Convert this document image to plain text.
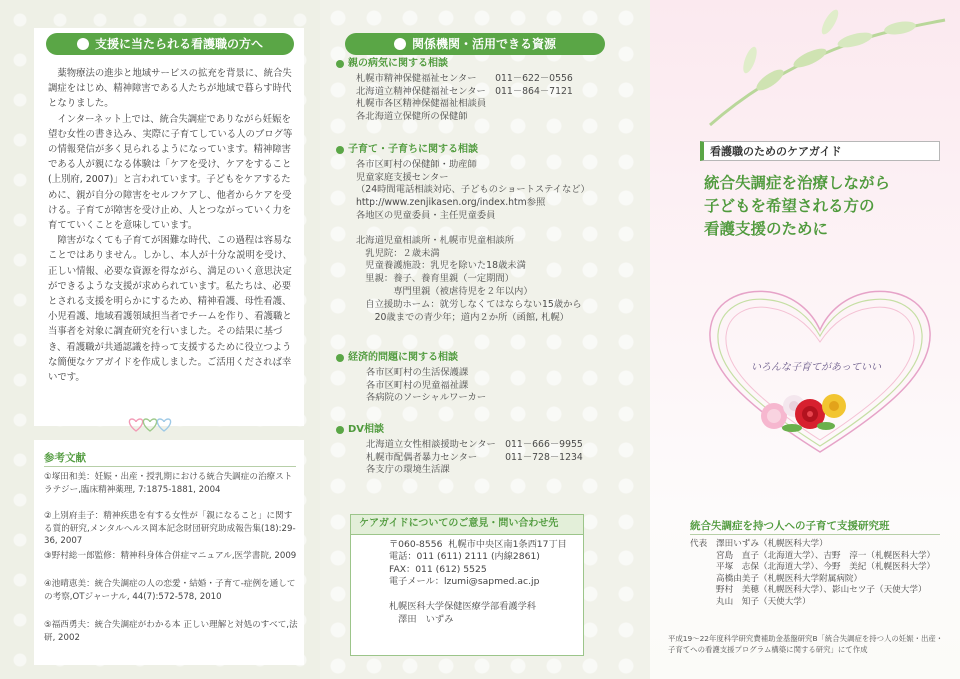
支援に当たられる看護職の方へ

薬物療法の進歩と地域サービスの拡充を背景に、統合失調症をはじめ、精神障害である人たちが地域で暮らす時代となりました。

インターネット上では、統合失調症でありながら妊娠を望む女性の書き込み、実際に子育てしている人のブログ等の情報発信が多く見られるようになっています。精神障害である人が親になる体験は「ケアを受け、ケアをすること(上別府, 2007)」と言われています。子どもをケアするために、親が自分の障害をセルフケアし、他者からケアを受ける。子育てが障害を受け止め、人とつながっていく力を育てていくことを意味しています。

障害がなくても子育てが困難な時代、この過程は容易なことではありません。しかし、本人が十分な説明を受け、正しい情報、必要な資源を得ながら、満足のいく意思決定ができるような支援が求められています。私たちは、必要とされる支援を明らかにするため、精神看護、母性看護、小児看護、地域看護領域担当者でチームを作り、看護職と当事者を対象に調査研究を行いました。その結果に基づき、看護職が共通認識を持って支援するために役立つような簡便なケアガイドを作成しました。ご活用くだされば幸いです。

参考文献
①塚田和美：妊娠・出産・授乳期における統合失調症の治療ストラテジー,臨床精神薬理, 7:1875-1881, 2004
②上別府圭子：精神疾患を有する女性が「親になること」に関する質的研究,メンタルヘルス岡本記念財団研究助成報告集(18):29-36, 2007
③野村総一郎監修：精神科身体合併症マニュアル,医学書院, 2009
④池晴恵美：統合失調症の人の恋愛・結婚・子育て-症例を通しての考察,OTジャーナル, 44(7):572-578, 2010
⑤福西勇夫：統合失調症がわかる本 正しい理解と対処のすべて,法研, 2002
関係機関・活用できる資源
親の病気に関する相談
札幌市精神保健福祉センター　　011－622－0556
北海道立精神保健福祉センター　011－864－7121
札幌市各区精神保健福祉相談員
各北海道立保健所の保健師
子育て・子育ちに関する相談
各市区町村の保健師・助産師
児童家庭支援センター
（24時間電話相談対応、子どものショートステイなど）
http://www.zenjikasen.org/index.htm参照
各地区の児童委員・主任児童委員
北海道児童相談所・札幌市児童相談所
　乳児院：２歳未満
　児童養護施設：乳児を除いた18歳未満
　里親：養子、養育里親（一定期間）
　　　　専門里親（被虐待児を２年以内）
　自立援助ホーム：就労しなくてはならない15歳から
　　20歳までの青少年；道内２か所（函館, 札幌）
経済的問題に関する相談
各市区町村の生活保護課
各市区町村の児童福祉課
各病院のソーシャルワーカー
DV相談
北海道立女性相談援助センター　011－666－9955
札幌市配偶者暴力センター　　　011－728－1234
各支庁の環境生活課
ケアガイドについてのご意見・問い合わせ先
〒060-8556  札幌市中央区南1条西17丁目
電話：011 (611) 2111 (内線2861)
FAX：011 (612) 5525
電子メール：lzumi@sapmed.ac.jp
札幌医科大学保健医療学部看護学科
　澤田　いずみ
看護職のためのケアガイド
統合失調症を治療しながら
子どもを希望される方の
看護支援のために
いろんな子育てがあっていい
統合失調症を持つ人への子育て支援研究班
代表	澤田いずみ（札幌医科大学）
宮島　直子（北海道大学）、吉野　淳一（札幌医科大学）
平塚　志保（北海道大学）、今野　美紀（札幌医科大学）
高橋由美子（札幌医科大学附属病院）
野村　美穂（札幌医科大学）、影山セツ子（天使大学）
丸山　知子（天使大学）
平成19～22年度科学研究費補助金基盤研究B「統合失調症を持つ人の妊娠・出産・子育てへの看護支援プログラム構築に関する研究」にて作成
